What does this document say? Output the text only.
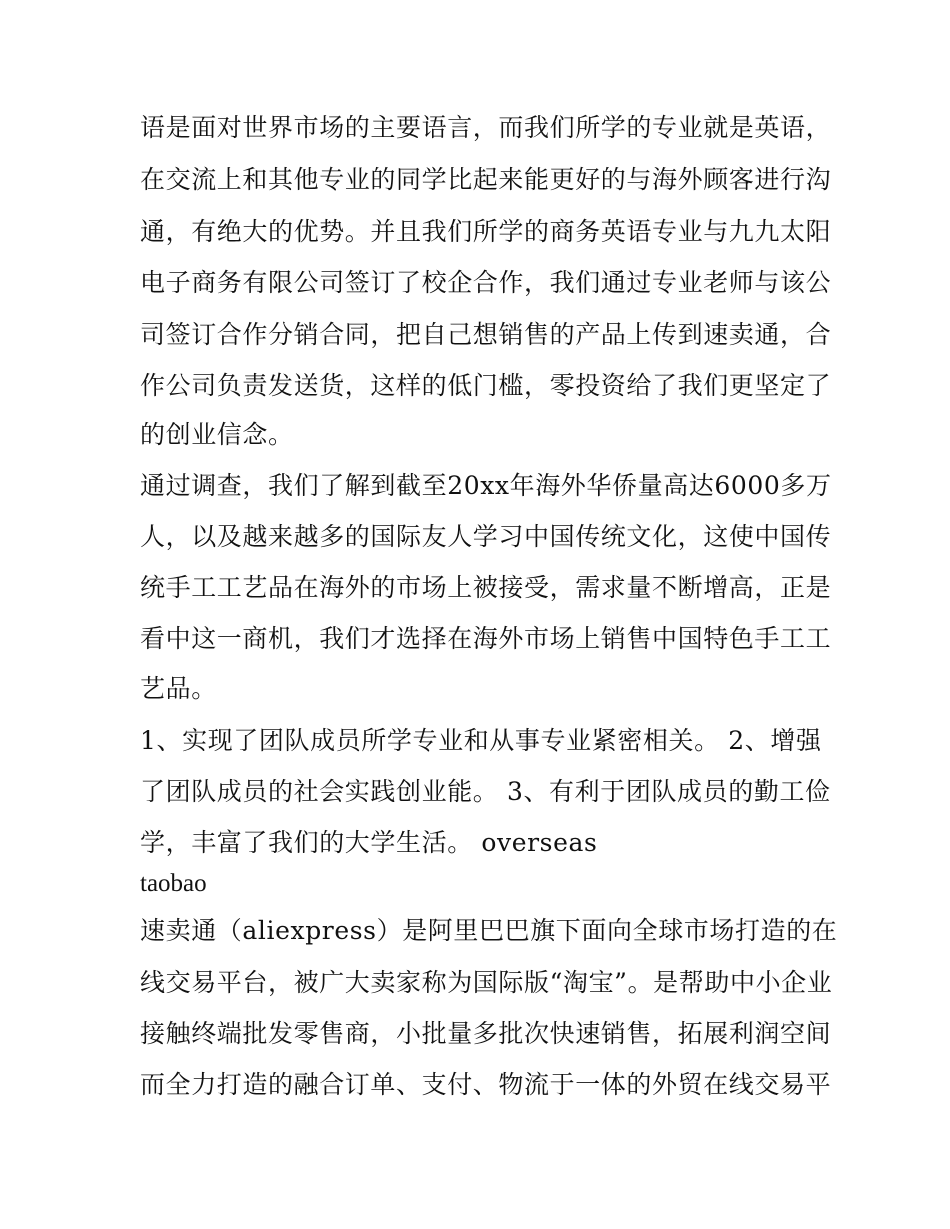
语是面对世界市场的主要语言，而我们所学的专业就是英语，
在交流上和其他专业的同学比起来能更好的与海外顾客进行沟
通，有绝大的优势。并且我们所学的商务英语专业与九九太阳
电子商务有限公司签订了校企合作，我们通过专业老师与该公
司签订合作分销合同，把自己想销售的产品上传到速卖通，合
作公司负责发送货，这样的低门槛，零投资给了我们更坚定了
的创业信念。
通过调查，我们了解到截至20xx年海外华侨量高达6000多万
人，以及越来越多的国际友人学习中国传统文化，这使中国传
统手工工艺品在海外的市场上被接受，需求量不断增高，正是
看中这一商机，我们才选择在海外市场上销售中国特色手工工
艺品。
1、实现了团队成员所学专业和从事专业紧密相关。 2、增强
了团队成员的社会实践创业能。 3、有利于团队成员的勤工俭
学，丰富了我们的大学生活。 overseas
taobao
速卖通（aliexpress）是阿里巴巴旗下面向全球市场打造的在
线交易平台，被广大卖家称为国际版“淘宝”。是帮助中小企业
接触终端批发零售商，小批量多批次快速销售，拓展利润空间
而全力打造的融合订单、支付、物流于一体的外贸在线交易平
